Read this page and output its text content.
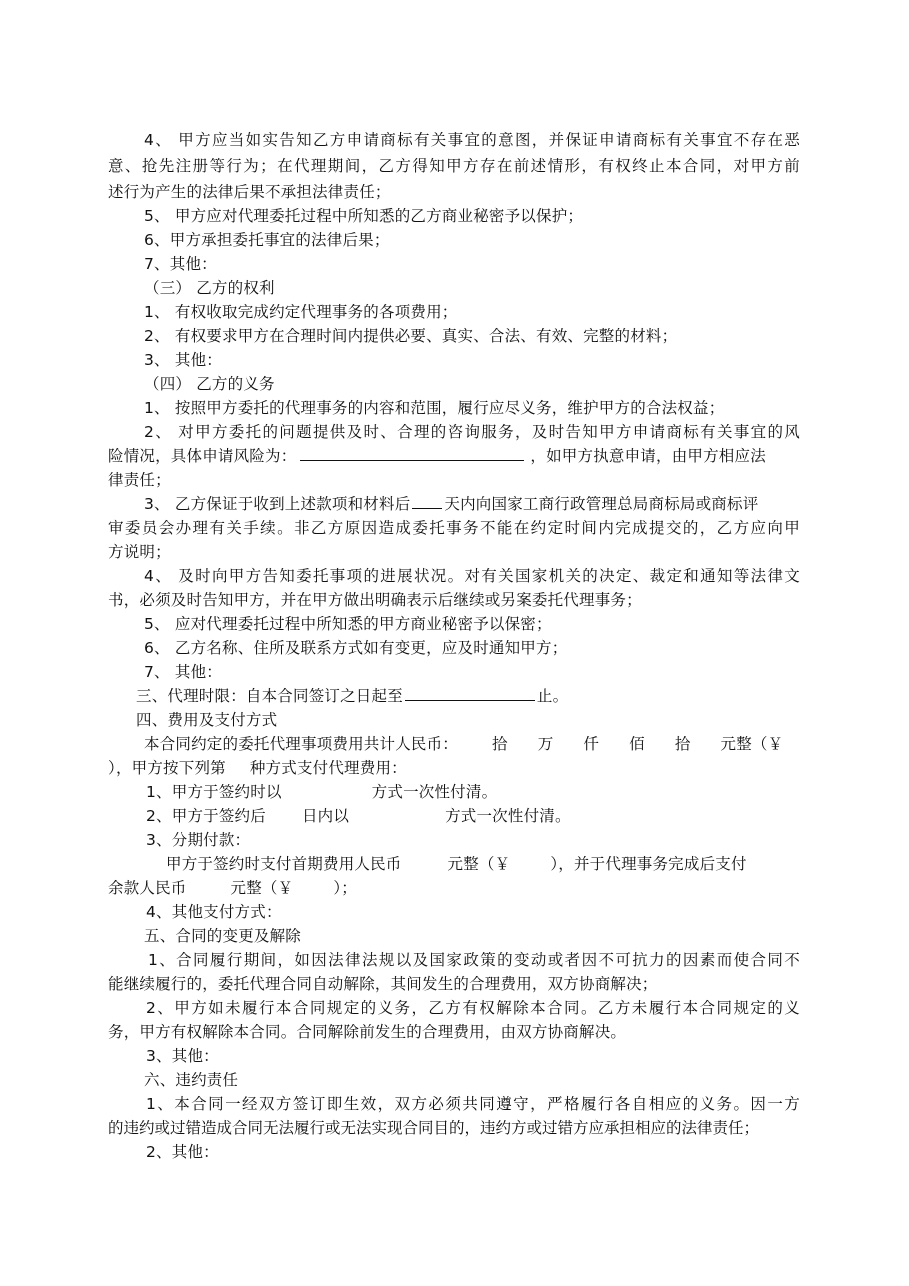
4、 甲方应当如实告知乙方申请商标有关事宜的意图，并保证申请商标有关事宜不存在恶
意、抢先注册等行为；在代理期间，乙方得知甲方存在前述情形，有权终止本合同，对甲方前
述行为产生的法律后果不承担法律责任；
5、 甲方应对代理委托过程中所知悉的乙方商业秘密予以保护；
6、甲方承担委托事宜的法律后果；
7、其他：
（三） 乙方的权利
1、 有权收取完成约定代理事务的各项费用；
2、 有权要求甲方在合理时间内提供必要、真实、合法、有效、完整的材料；
3、 其他：
（四） 乙方的义务
1、 按照甲方委托的代理事务的内容和范围，履行应尽义务，维护甲方的合法权益；
2、 对甲方委托的问题提供及时、合理的咨询服务，及时告知甲方申请商标有关事宜的风
险情况，具体申请风险为：	，如甲方执意申请，由甲方相应法
律责任；
3、 乙方保证于收到上述款项和材料后 天内向国家工商行政管理总局商标局或商标评
审委员会办理有关手续。非乙方原因造成委托事务不能在约定时间内完成提交的，乙方应向甲
方说明；
4、 及时向甲方告知委托事项的进展状况。对有关国家机关的决定、裁定和通知等法律文
书，必须及时告知甲方，并在甲方做出明确表示后继续或另案委托代理事务；
5、 应对代理委托过程中所知悉的甲方商业秘密予以保密；
6、 乙方名称、住所及联系方式如有变更，应及时通知甲方；
7、 其他：
三、代理时限：自本合同签订之日起至	止。
四、费用及支付方式
本合同约定的委托代理事项费用共计人民币： 拾 万 仟 佰 拾 元整（￥
），甲方按下列第 种方式支付代理费用：
1、甲方于签约时以	方式一次性付清。
2、甲方于签约后 日内以	方式一次性付清。
3、分期付款：
甲方于签约时支付首期费用人民币	元整（￥	），并于代理事务完成后支付
余款人民币	元整（￥	）；
4、其他支付方式：
五、合同的变更及解除
1、合同履行期间，如因法律法规以及国家政策的变动或者因不可抗力的因素而使合同不
能继续履行的，委托代理合同自动解除，其间发生的合理费用，双方协商解决；
2、甲方如未履行本合同规定的义务，乙方有权解除本合同。乙方未履行本合同规定的义
务，甲方有权解除本合同。合同解除前发生的合理费用，由双方协商解决。
3、其他：
六、违约责任
1、本合同一经双方签订即生效，双方必须共同遵守，严格履行各自相应的义务。因一方
的违约或过错造成合同无法履行或无法实现合同目的，违约方或过错方应承担相应的法律责任；
2、其他：
